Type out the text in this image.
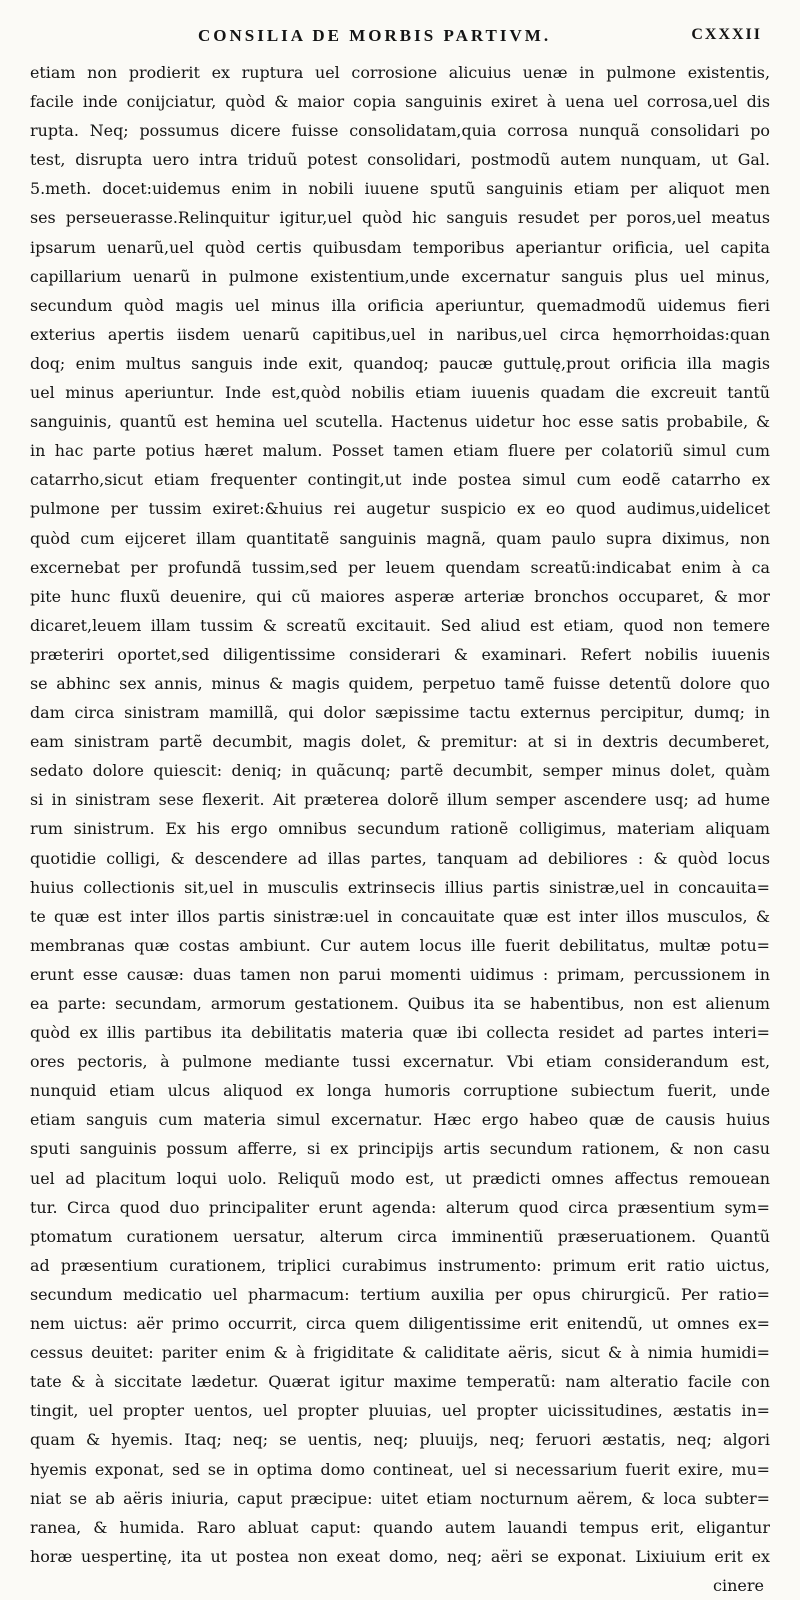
CONSILIA DE MORBIS PARTIVM.	CXXXII
etiam non prodierit ex ruptura uel corrosione alicuius uenæ in pulmone existentis,
facile inde conijciatur, quòd & maior copia sanguinis exiret à uena uel corrosa,uel dis
rupta. Neq; possumus dicere fuisse consolidatam,quia corrosa nunquã consolidari po
test, disrupta uero intra triduũ potest consolidari, postmodũ autem nunquam, ut Gal.
5.meth. docet:uidemus enim in nobili iuuene sputũ sanguinis etiam per aliquot men
ses perseuerasse.Relinquitur igitur,uel quòd hic sanguis resudet per poros,uel meatus
ipsarum uenarũ,uel quòd certis quibusdam temporibus aperiantur orificia, uel capita
capillarium uenarũ in pulmone existentium,unde excernatur sanguis plus uel minus,
secundum quòd magis uel minus illa orificia aperiuntur, quemadmodũ uidemus fieri
exterius apertis iisdem uenarũ capitibus,uel in naribus,uel circa hęmorrhoidas:quan
doq; enim multus sanguis inde exit, quandoq; paucæ guttulę,prout orificia illa magis
uel minus aperiuntur. Inde est,quòd nobilis etiam iuuenis quadam die excreuit tantũ
sanguinis, quantũ est hemina uel scutella. Hactenus uidetur hoc esse satis probabile, &
in hac parte potius hæret malum. Posset tamen etiam fluere per colatoriũ simul cum
catarrho,sicut etiam frequenter contingit,ut inde postea simul cum eodẽ catarrho ex
pulmone per tussim exiret:&huius rei augetur suspicio ex eo quod audimus,uidelicet
quòd cum eijceret illam quantitatẽ sanguinis magnã, quam paulo supra diximus, non
excernebat per profundã tussim,sed per leuem quendam screatũ:indicabat enim à ca
pite hunc fluxũ deuenire, qui cũ maiores asperæ arteriæ bronchos occuparet, & mor
dicaret,leuem illam tussim & screatũ excitauit. Sed aliud est etiam, quod non temere
præteriri oportet,sed diligentissime considerari & examinari. Refert nobilis iuuenis
se abhinc sex annis, minus & magis quidem, perpetuo tamẽ fuisse detentũ dolore quo
dam circa sinistram mamillã, qui dolor sæpissime tactu externus percipitur, dumq; in
eam sinistram partẽ decumbit, magis dolet, & premitur: at si in dextris decumberet,
sedato dolore quiescit: deniq; in quãcunq; partẽ decumbit, semper minus dolet, quàm
si in sinistram sese flexerit. Ait præterea dolorẽ illum semper ascendere usq; ad hume
rum sinistrum. Ex his ergo omnibus secundum rationẽ colligimus, materiam aliquam
quotidie colligi, & descendere ad illas partes, tanquam ad debiliores : & quòd locus
huius collectionis sit,uel in musculis extrinsecis illius partis sinistræ,uel in concauita=
te quæ est inter illos partis sinistræ:uel in concauitate quæ est inter illos musculos, &
membranas quæ costas ambiunt. Cur autem locus ille fuerit debilitatus, multæ potu=
erunt esse causæ: duas tamen non parui momenti uidimus : primam, percussionem in
ea parte: secundam, armorum gestationem. Quibus ita se habentibus, non est alienum
quòd ex illis partibus ita debilitatis materia quæ ibi collecta residet ad partes interi=
ores pectoris, à pulmone mediante tussi excernatur. Vbi etiam considerandum est,
nunquid etiam ulcus aliquod ex longa humoris corruptione subiectum fuerit, unde
etiam sanguis cum materia simul excernatur. Hæc ergo habeo quæ de causis huius
sputi sanguinis possum afferre, si ex principijs artis secundum rationem, & non casu
uel ad placitum loqui uolo. Reliquũ modo est, ut prædicti omnes affectus remouean
tur. Circa quod duo principaliter erunt agenda: alterum quod circa præsentium sym=
ptomatum curationem uersatur, alterum circa imminentiũ præseruationem. Quantũ
ad præsentium curationem, triplici curabimus instrumento: primum erit ratio uictus,
secundum medicatio uel pharmacum: tertium auxilia per opus chirurgicũ. Per ratio=
nem uictus: aër primo occurrit, circa quem diligentissime erit enitendũ, ut omnes ex=
cessus deuitet: pariter enim & à frigiditate & caliditate aëris, sicut & à nimia humidi=
tate & à siccitate lædetur. Quærat igitur maxime temperatũ: nam alteratio facile con
tingit, uel propter uentos, uel propter pluuias, uel propter uicissitudines, æstatis in=
quam & hyemis. Itaq; neq; se uentis, neq; pluuijs, neq; feruori æstatis, neq; algori
hyemis exponat, sed se in optima domo contineat, uel si necessarium fuerit exire, mu=
niat se ab aëris iniuria, caput præcipue: uitet etiam nocturnum aërem, & loca subter=
ranea, & humida. Raro abluat caput: quando autem lauandi tempus erit, eligantur
horæ uespertinę, ita ut postea non exeat domo, neq; aëri se exponat. Lixiuium erit ex
cinere
